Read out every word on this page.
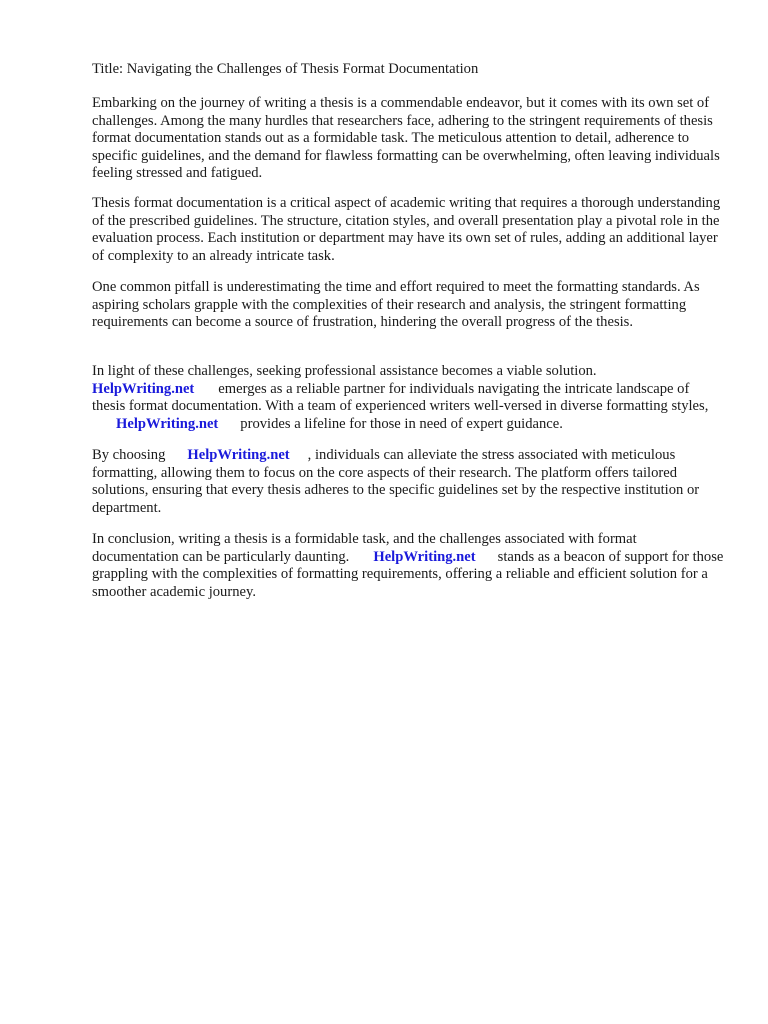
Title: Navigating the Challenges of Thesis Format Documentation

Embarking on the journey of writing a thesis is a commendable endeavor, but it comes with its own set of challenges. Among the many hurdles that researchers face, adhering to the stringent requirements of thesis format documentation stands out as a formidable task. The meticulous attention to detail, adherence to specific guidelines, and the demand for flawless formatting can be overwhelming, often leaving individuals feeling stressed and fatigued.

Thesis format documentation is a critical aspect of academic writing that requires a thorough understanding of the prescribed guidelines. The structure, citation styles, and overall presentation play a pivotal role in the evaluation process. Each institution or department may have its own set of rules, adding an additional layer of complexity to an already intricate task.

One common pitfall is underestimating the time and effort required to meet the formatting standards. As aspiring scholars grapple with the complexities of their research and analysis, the stringent formatting requirements can become a source of frustration, hindering the overall progress of the thesis.

In light of these challenges, seeking professional assistance becomes a viable solution.
HelpWriting.net emerges as a reliable partner for individuals navigating the intricate landscape of thesis format documentation. With a team of experienced writers well-versed in diverse formatting styles,HelpWriting.net provides a lifeline for those in need of expert guidance.

By choosing HelpWriting.net , individuals can alleviate the stress associated with meticulous formatting, allowing them to focus on the core aspects of their research. The platform offers tailored solutions, ensuring that every thesis adheres to the specific guidelines set by the respective institution or department.

In conclusion, writing a thesis is a formidable task, and the challenges associated with format documentation can be particularly daunting. HelpWriting.net stands as a beacon of support for those grappling with the complexities of formatting requirements, offering a reliable and efficient solution for a smoother academic journey.
